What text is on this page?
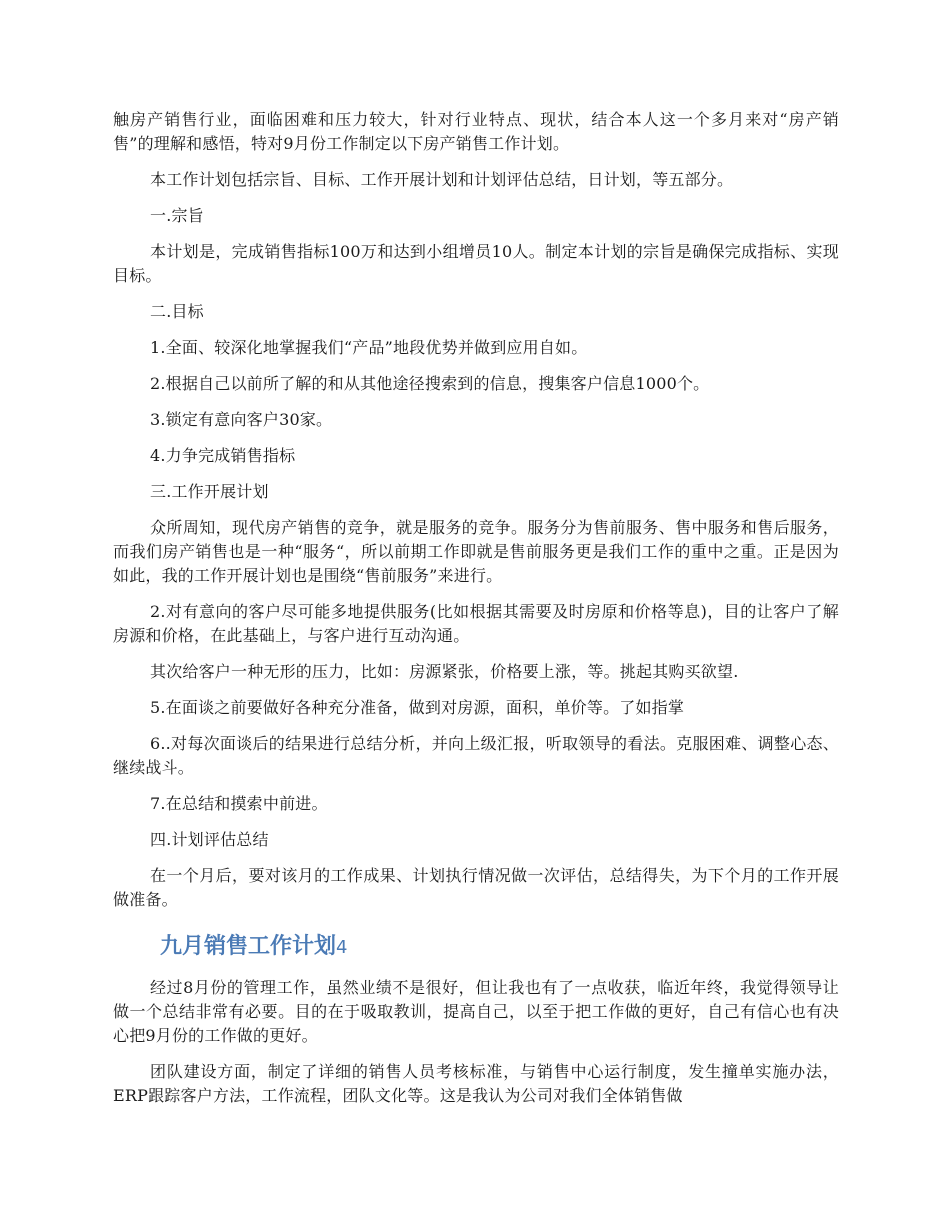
触房产销售行业，面临困难和压力较大，针对行业特点、现状，结合本人这一个多月来对“房产销售”的理解和感悟，特对9月份工作制定以下房产销售工作计划。

本工作计划包括宗旨、目标、工作开展计划和计划评估总结，日计划，等五部分。

一.宗旨

本计划是，完成销售指标100万和达到小组增员10人。制定本计划的宗旨是确保完成指标、实现目标。

二.目标

1.全面、较深化地掌握我们“产品”地段优势并做到应用自如。

2.根据自己以前所了解的和从其他途径搜索到的信息，搜集客户信息1000个。

3.锁定有意向客户30家。

4.力争完成销售指标

三.工作开展计划

众所周知，现代房产销售的竞争，就是服务的竞争。服务分为售前服务、售中服务和售后服务，而我们房产销售也是一种“服务“，所以前期工作即就是售前服务更是我们工作的重中之重。正是因为如此，我的工作开展计划也是围绕“售前服务”来进行。

2.对有意向的客户尽可能多地提供服务(比如根据其需要及时房原和价格等息)，目的让客户了解房源和价格，在此基础上，与客户进行互动沟通。

其次给客户一种无形的压力，比如：房源紧张，价格要上涨，等。挑起其购买欲望.

5.在面谈之前要做好各种充分准备，做到对房源，面积，单价等。了如指掌

6..对每次面谈后的结果进行总结分析，并向上级汇报，听取领导的看法。克服困难、调整心态、继续战斗。

7.在总结和摸索中前进。

四.计划评估总结

在一个月后，要对该月的工作成果、计划执行情况做一次评估，总结得失，为下个月的工作开展做准备。

九月销售工作计划4

经过8月份的管理工作，虽然业绩不是很好，但让我也有了一点收获，临近年终，我觉得领导让做一个总结非常有必要。目的在于吸取教训，提高自己，以至于把工作做的更好，自己有信心也有决心把9月份的工作做的更好。

团队建设方面，制定了详细的销售人员考核标准，与销售中心运行制度，发生撞单实施办法，ERP跟踪客户方法，工作流程，团队文化等。这是我认为公司对我们全体销售做
